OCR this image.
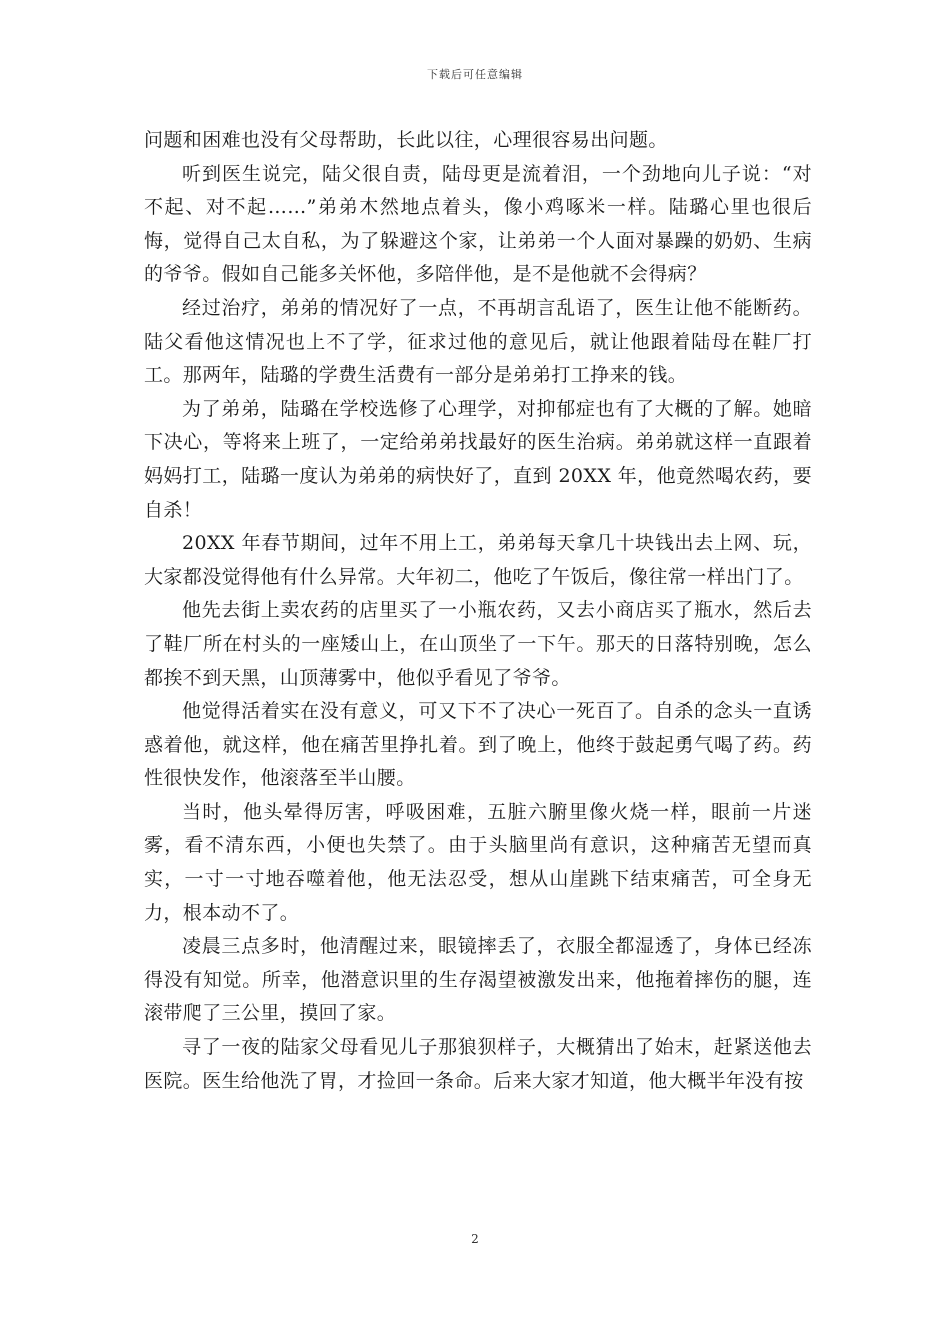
下载后可任意编辑

问题和困难也没有父母帮助，长此以往，心理很容易出问题。

听到医生说完，陆父很自责，陆母更是流着泪，一个劲地向儿子说：“对不起、对不起……”弟弟木然地点着头，像小鸡啄米一样。陆璐心里也很后悔，觉得自己太自私，为了躲避这个家，让弟弟一个人面对暴躁的奶奶、生病的爷爷。假如自己能多关怀他，多陪伴他，是不是他就不会得病？

经过治疗，弟弟的情况好了一点，不再胡言乱语了，医生让他不能断药。陆父看他这情况也上不了学，征求过他的意见后，就让他跟着陆母在鞋厂打工。那两年，陆璐的学费生活费有一部分是弟弟打工挣来的钱。

为了弟弟，陆璐在学校选修了心理学，对抑郁症也有了大概的了解。她暗下决心，等将来上班了，一定给弟弟找最好的医生治病。弟弟就这样一直跟着妈妈打工，陆璐一度认为弟弟的病快好了，直到 20XX 年，他竟然喝农药，要自杀！

20XX 年春节期间，过年不用上工，弟弟每天拿几十块钱出去上网、玩，大家都没觉得他有什么异常。大年初二，他吃了午饭后，像往常一样出门了。

他先去街上卖农药的店里买了一小瓶农药，又去小商店买了瓶水，然后去了鞋厂所在村头的一座矮山上，在山顶坐了一下午。那天的日落特别晚，怎么都挨不到天黑，山顶薄雾中，他似乎看见了爷爷。

他觉得活着实在没有意义，可又下不了决心一死百了。自杀的念头一直诱惑着他，就这样，他在痛苦里挣扎着。到了晚上，他终于鼓起勇气喝了药。药性很快发作，他滚落至半山腰。

当时，他头晕得厉害，呼吸困难，五脏六腑里像火烧一样，眼前一片迷雾，看不清东西，小便也失禁了。由于头脑里尚有意识，这种痛苦无望而真实，一寸一寸地吞噬着他，他无法忍受，想从山崖跳下结束痛苦，可全身无力，根本动不了。

凌晨三点多时，他清醒过来，眼镜摔丢了，衣服全都湿透了，身体已经冻得没有知觉。所幸，他潜意识里的生存渴望被激发出来，他拖着摔伤的腿，连滚带爬了三公里，摸回了家。

寻了一夜的陆家父母看见儿子那狼狈样子，大概猜出了始末，赶紧送他去医院。医生给他洗了胃，才捡回一条命。后来大家才知道，他大概半年没有按

2
